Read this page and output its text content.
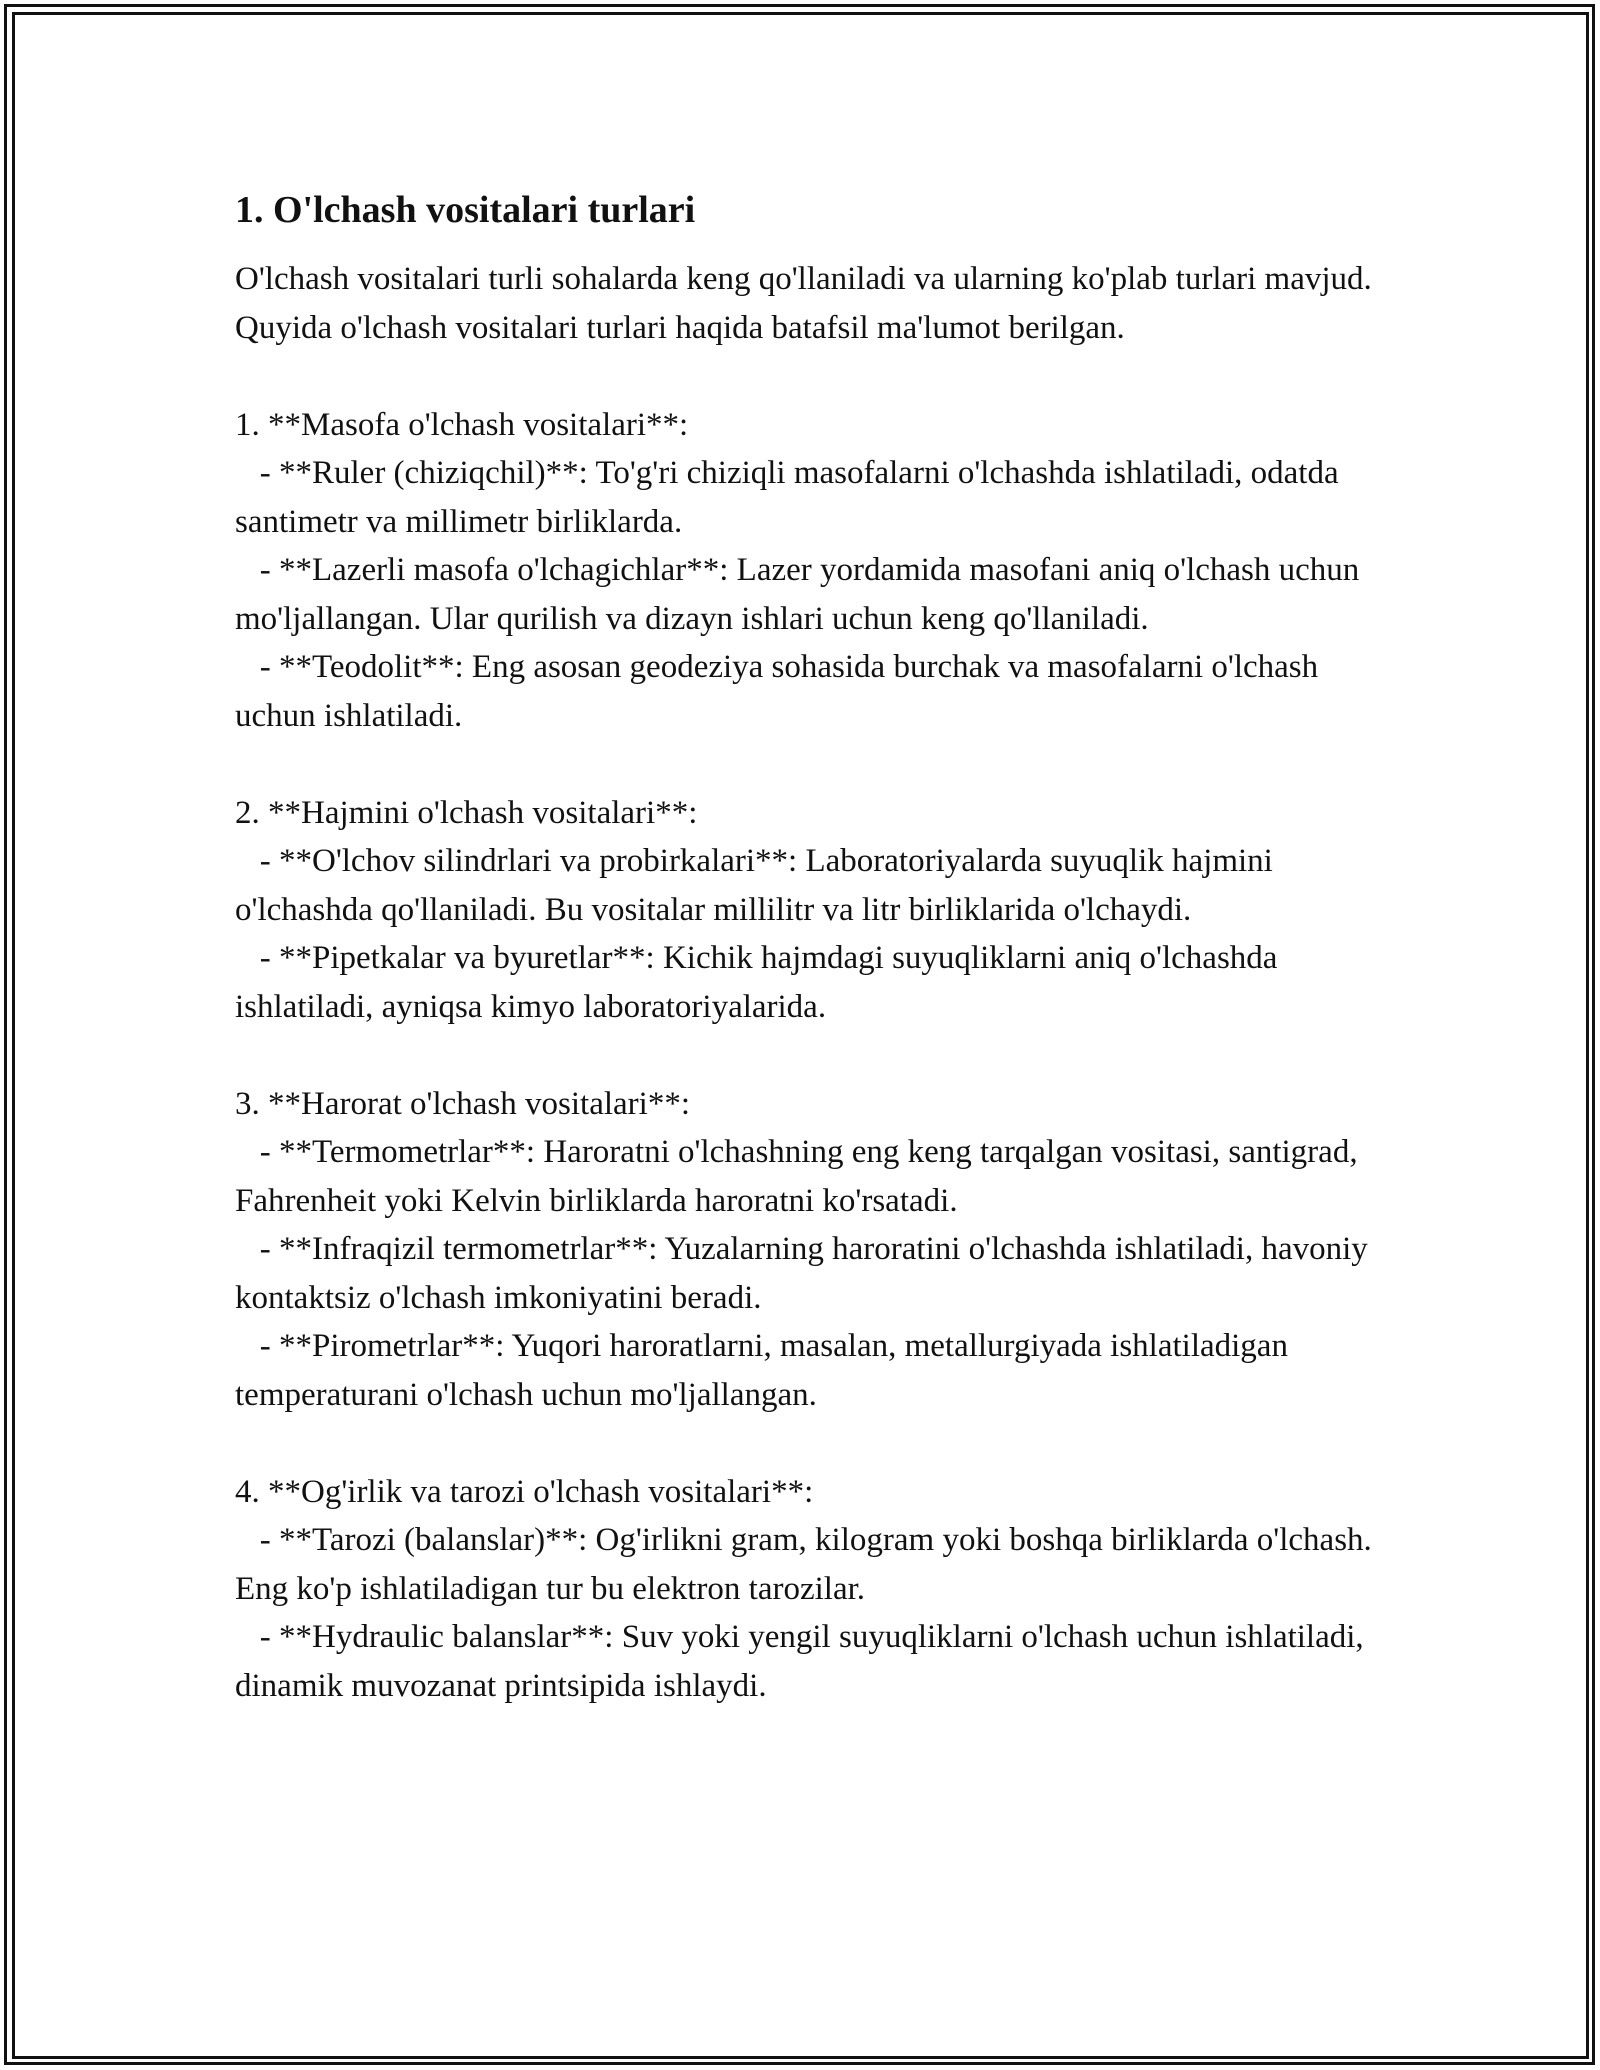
1. O'lchash vositalari turlari

O'lchash vositalari turli sohalarda keng qo'llaniladi va ularning ko'plab turlari mavjud. Quyida o'lchash vositalari turlari haqida batafsil ma'lumot berilgan.

1. **Masofa o'lchash vositalari**:

- **Ruler (chiziqchil)**: To'g'ri chiziqli masofalarni o'lchashda ishlatiladi, odatda santimetr va millimetr birliklarda.

- **Lazerli masofa o'lchagichlar**: Lazer yordamida masofani aniq o'lchash uchun mo'ljallangan. Ular qurilish va dizayn ishlari uchun keng qo'llaniladi.

- **Teodolit**: Eng asosan geodeziya sohasida burchak va masofalarni o'lchash uchun ishlatiladi.

2. **Hajmini o'lchash vositalari**:

- **O'lchov silindrlari va probirkalari**: Laboratoriyalarda suyuqlik hajmini o'lchashda qo'llaniladi. Bu vositalar millilitr va litr birliklarida o'lchaydi.

- **Pipetkalar va byuretlar**: Kichik hajmdagi suyuqliklarni aniq o'lchashda ishlatiladi, ayniqsa kimyo laboratoriyalarida.

3. **Harorat o'lchash vositalari**:

- **Termometrlar**: Haroratni o'lchashning eng keng tarqalgan vositasi, santigrad, Fahrenheit yoki Kelvin birliklarda haroratni ko'rsatadi.

- **Infraqizil termometrlar**: Yuzalarning haroratini o'lchashda ishlatiladi, havoniy kontaktsiz o'lchash imkoniyatini beradi.

- **Pirometrlar**: Yuqori haroratlarni, masalan, metallurgiyada ishlatiladigan temperaturani o'lchash uchun mo'ljallangan.

4. **Og'irlik va tarozi o'lchash vositalari**:

- **Tarozi (balanslar)**: Og'irlikni gram, kilogram yoki boshqa birliklarda o'lchash. Eng ko'p ishlatiladigan tur bu elektron tarozilar.

- **Hydraulic balanslar**: Suv yoki yengil suyuqliklarni o'lchash uchun ishlatiladi, dinamik muvozanat printsipida ishlaydi.
